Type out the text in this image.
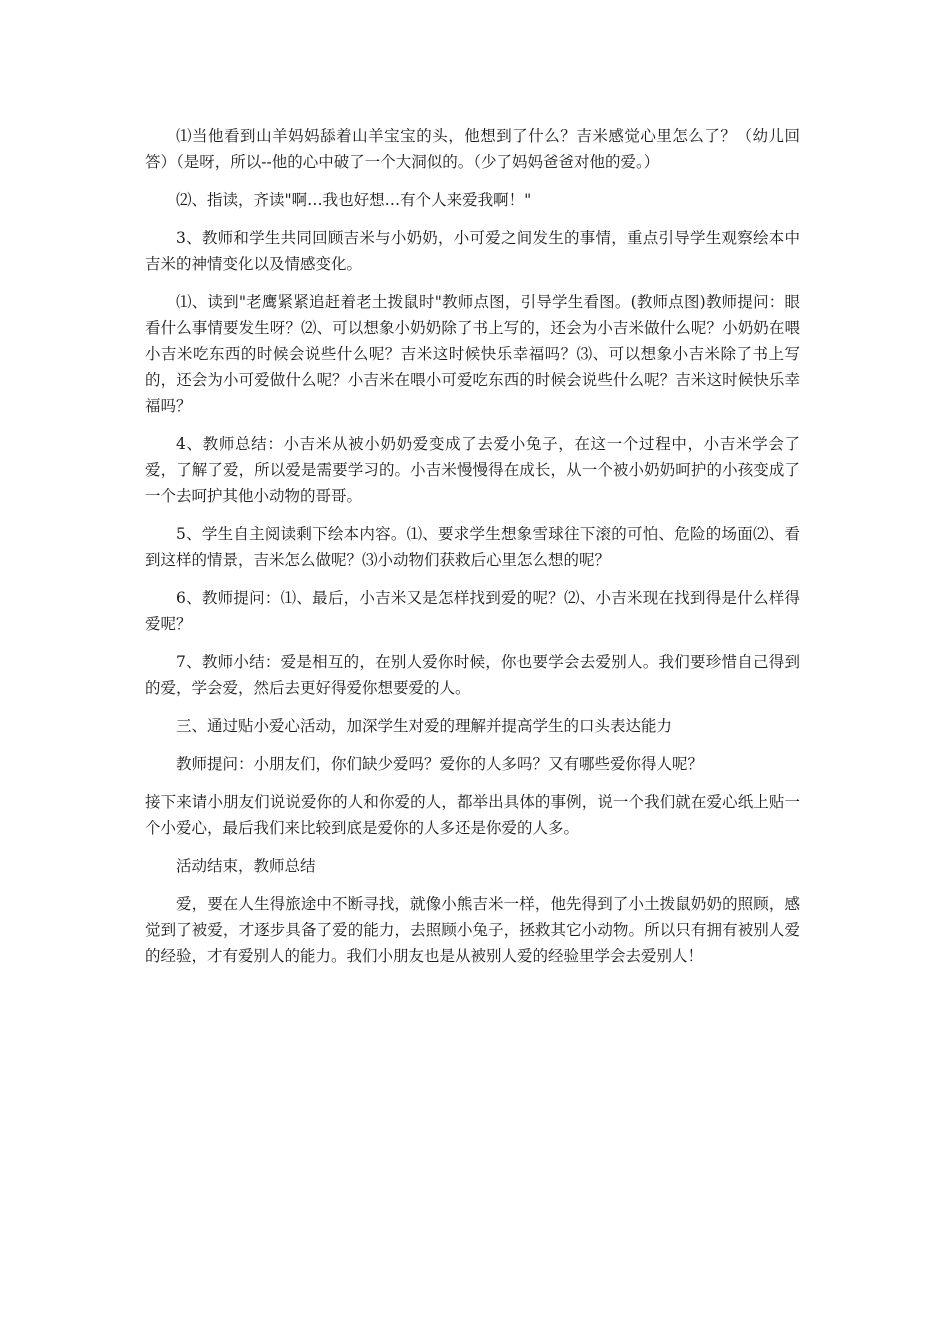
⑴当他看到山羊妈妈舔着山羊宝宝的头，他想到了什么？吉米感觉心里怎么了？（幼儿回答）（是呀，所以--他的心中破了一个大洞似的。（少了妈妈爸爸对他的爱。）

⑵、指读，齐读"啊…我也好想…有个人来爱我啊！"

3、教师和学生共同回顾吉米与小奶奶，小可爱之间发生的事情，重点引导学生观察绘本中吉米的神情变化以及情感变化。

⑴、读到"老鹰紧紧追赶着老土拨鼠时"教师点图，引导学生看图。(教师点图)教师提问：眼看什么事情要发生呀？⑵、可以想象小奶奶除了书上写的，还会为小吉米做什么呢？小奶奶在喂小吉米吃东西的时候会说些什么呢？吉米这时候快乐幸福吗？⑶、可以想象小吉米除了书上写的，还会为小可爱做什么呢？小吉米在喂小可爱吃东西的时候会说些什么呢？吉米这时候快乐幸福吗？

4、教师总结：小吉米从被小奶奶爱变成了去爱小兔子，在这一个过程中，小吉米学会了爱，了解了爱，所以爱是需要学习的。小吉米慢慢得在成长，从一个被小奶奶呵护的小孩变成了一个去呵护其他小动物的哥哥。

5、学生自主阅读剩下绘本内容。⑴、要求学生想象雪球往下滚的可怕、危险的场面⑵、看到这样的情景，吉米怎么做呢？⑶小动物们获救后心里怎么想的呢？

6、教师提问：⑴、最后，小吉米又是怎样找到爱的呢？⑵、小吉米现在找到得是什么样得爱呢？

7、教师小结：爱是相互的，在别人爱你时候，你也要学会去爱别人。我们要珍惜自己得到的爱，学会爱，然后去更好得爱你想要爱的人。

三、通过贴小爱心活动，加深学生对爱的理解并提高学生的口头表达能力

教师提问：小朋友们，你们缺少爱吗？爱你的人多吗？又有哪些爱你得人呢？

接下来请小朋友们说说爱你的人和你爱的人，都举出具体的事例，说一个我们就在爱心纸上贴一个小爱心，最后我们来比较到底是爱你的人多还是你爱的人多。

活动结束，教师总结

爱，要在人生得旅途中不断寻找，就像小熊吉米一样，他先得到了小土拨鼠奶奶的照顾，感觉到了被爱，才逐步具备了爱的能力，去照顾小兔子，拯救其它小动物。所以只有拥有被别人爱的经验，才有爱别人的能力。我们小朋友也是从被别人爱的经验里学会去爱别人！
